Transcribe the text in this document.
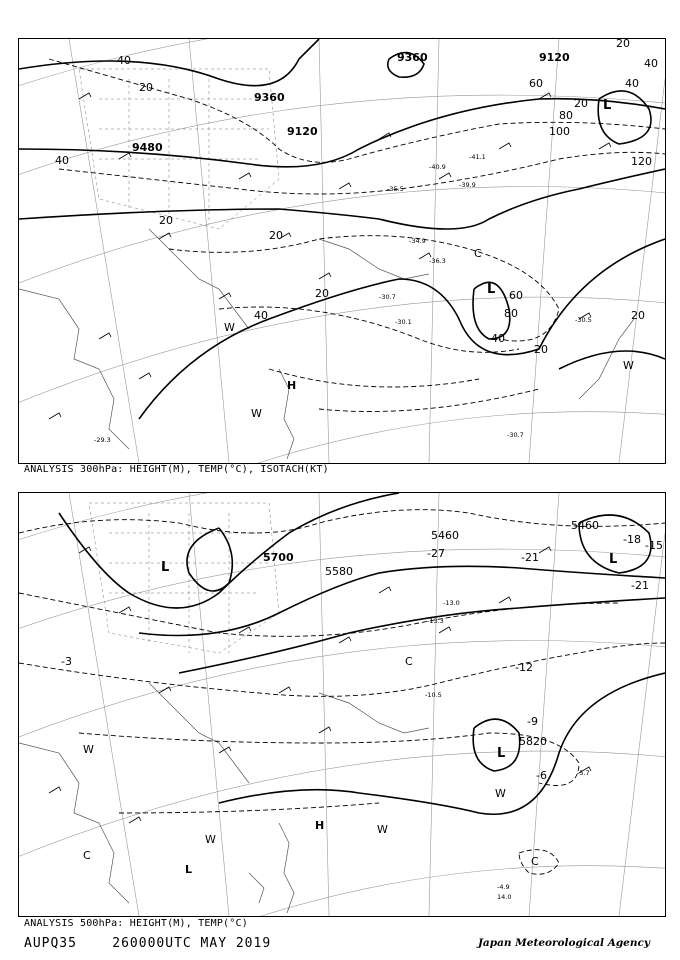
9360
9120
9480
9120
9360
40
20
40
20
20
20
60
80
100
120
40
20
20
40
20
20
40
60
80
40
-30.7
-30.1	-30.5
-30.7
-29.3
-41.1
-40.9
-35.5
-36.3
-34.9
-39.9
L
L
H
W
W
W
C
ANALYSIS 300hPa: HEIGHT(M), TEMP(°C), ISOTACH(KT)
5700
5580
5460
5460
5820
-27	-21
-18 -15
-21
-12
-9
-6
-3
-13.0
-13.3
-10.5
-5.7
-4.9
14.0
L
L
L
L
H
W
W
W
W
C
C
C
ANALYSIS 500hPa: HEIGHT(M), TEMP(°C)
AUPQ35	260000UTC MAY 2019	Japan Meteorological Agency
